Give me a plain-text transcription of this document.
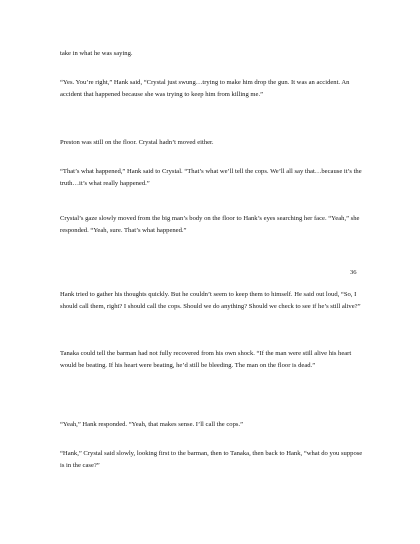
take in what he was saying.

“Yes. You’re right,” Hank said, “Crystal just swung…trying to make him drop the gun. It was an accident. An accident that happened because she was trying to keep him from killing me.”

Preston was still on the floor. Crystal hadn’t moved either.

“That’s what happened,” Hank said to Crystal. “That’s what we’ll tell the cops. We’ll all say that…because it’s the truth…it’s what really happened.”

Crystal’s gaze slowly moved from the big man’s body on the floor to Hank’s eyes searching her face. “Yeah,” she responded. “Yeah, sure. That’s what happened.”

36

Hank tried to gather his thoughts quickly. But he couldn’t seem to keep them to himself. He said out loud, “So, I should call them, right? I should call the cops. Should we do anything? Should we check to see if he’s still alive?”

Tanaka could tell the barman had not fully recovered from his own shock. “If the man were still alive his heart would be beating. If his heart were beating, he’d still be bleeding. The man on the floor is dead.”

“Yeah,” Hank responded. “Yeah, that makes sense. I’ll call the cops.”

“Hank,” Crystal said slowly, looking first to the barman, then to Tanaka, then back to Hank, “what do you suppose is in the case?”
